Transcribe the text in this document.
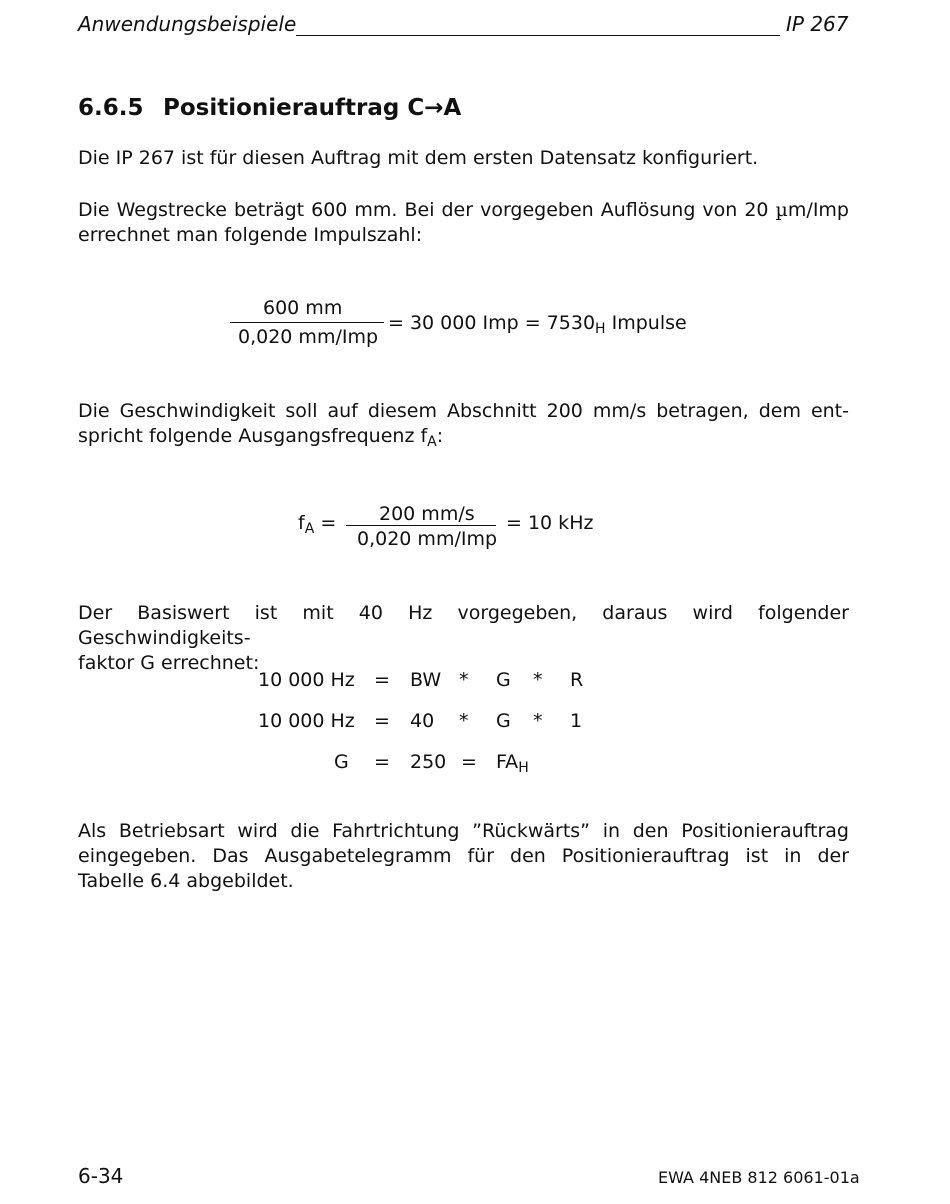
Anwendungsbeispiele	IP 267
6.6.5 Positionierauftrag C→A
Die IP 267 ist für diesen Auftrag mit dem ersten Datensatz konfiguriert.
Die Wegstrecke beträgt 600 mm. Bei der vorgegeben Auflösung von 20 µm/Imp
errechnet man folgende Impulszahl:
600 mm
0,020 mm/Imp
= 30 000 Imp = $7530_H$ Impulse
Die Geschwindigkeit soll auf diesem Abschnitt 200 mm/s betragen, dem ent-
spricht folgende Ausgangsfrequenz $f_A$:
$f_A = 200$ mm/s
0,020 mm/Imp
= 10 kHz
Der Basiswert ist mit 40 Hz vorgegeben, daraus wird folgender Geschwindigkeits-
faktor G errechnet:
10 000 Hz = BW * G * R
10 000 Hz = 40 * G * 1
$G = 250 = FA_H$
Als Betriebsart wird die Fahrtrichtung ”Rückwärts” in den Positionierauftrag
eingegeben. Das Ausgabetelegramm für den Positionierauftrag ist in der
Tabelle 6.4 abgebildet.
6-34	EWA 4NEB 812 6061-01a
